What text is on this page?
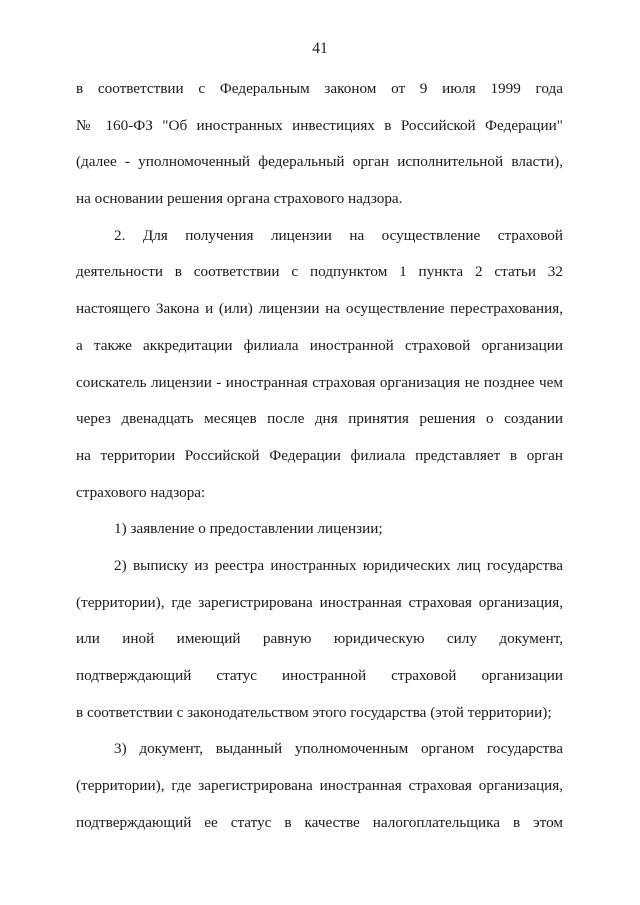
41
в соответствии с Федеральным законом от 9 июля 1999 года
№ 160-ФЗ "Об иностранных инвестициях в Российской Федерации"
(далее - уполномоченный федеральный орган исполнительной власти),
на основании решения органа страхового надзора.
2. Для получения лицензии на осуществление страховой
деятельности в соответствии с подпунктом 1 пункта 2 статьи 32
настоящего Закона и (или) лицензии на осуществление перестрахования,
а также аккредитации филиала иностранной страховой организации
соискатель лицензии - иностранная страховая организация не позднее чем
через двенадцать месяцев после дня принятия решения о создании
на территории Российской Федерации филиала представляет в орган
страхового надзора:
1) заявление о предоставлении лицензии;
2) выписку из реестра иностранных юридических лиц государства
(территории), где зарегистрирована иностранная страховая организация,
или иной имеющий равную юридическую силу документ,
подтверждающий статус иностранной страховой организации
в соответствии с законодательством этого государства (этой территории);
3) документ, выданный уполномоченным органом государства
(территории), где зарегистрирована иностранная страховая организация,
подтверждающий ее статус в качестве налогоплательщика в этом
